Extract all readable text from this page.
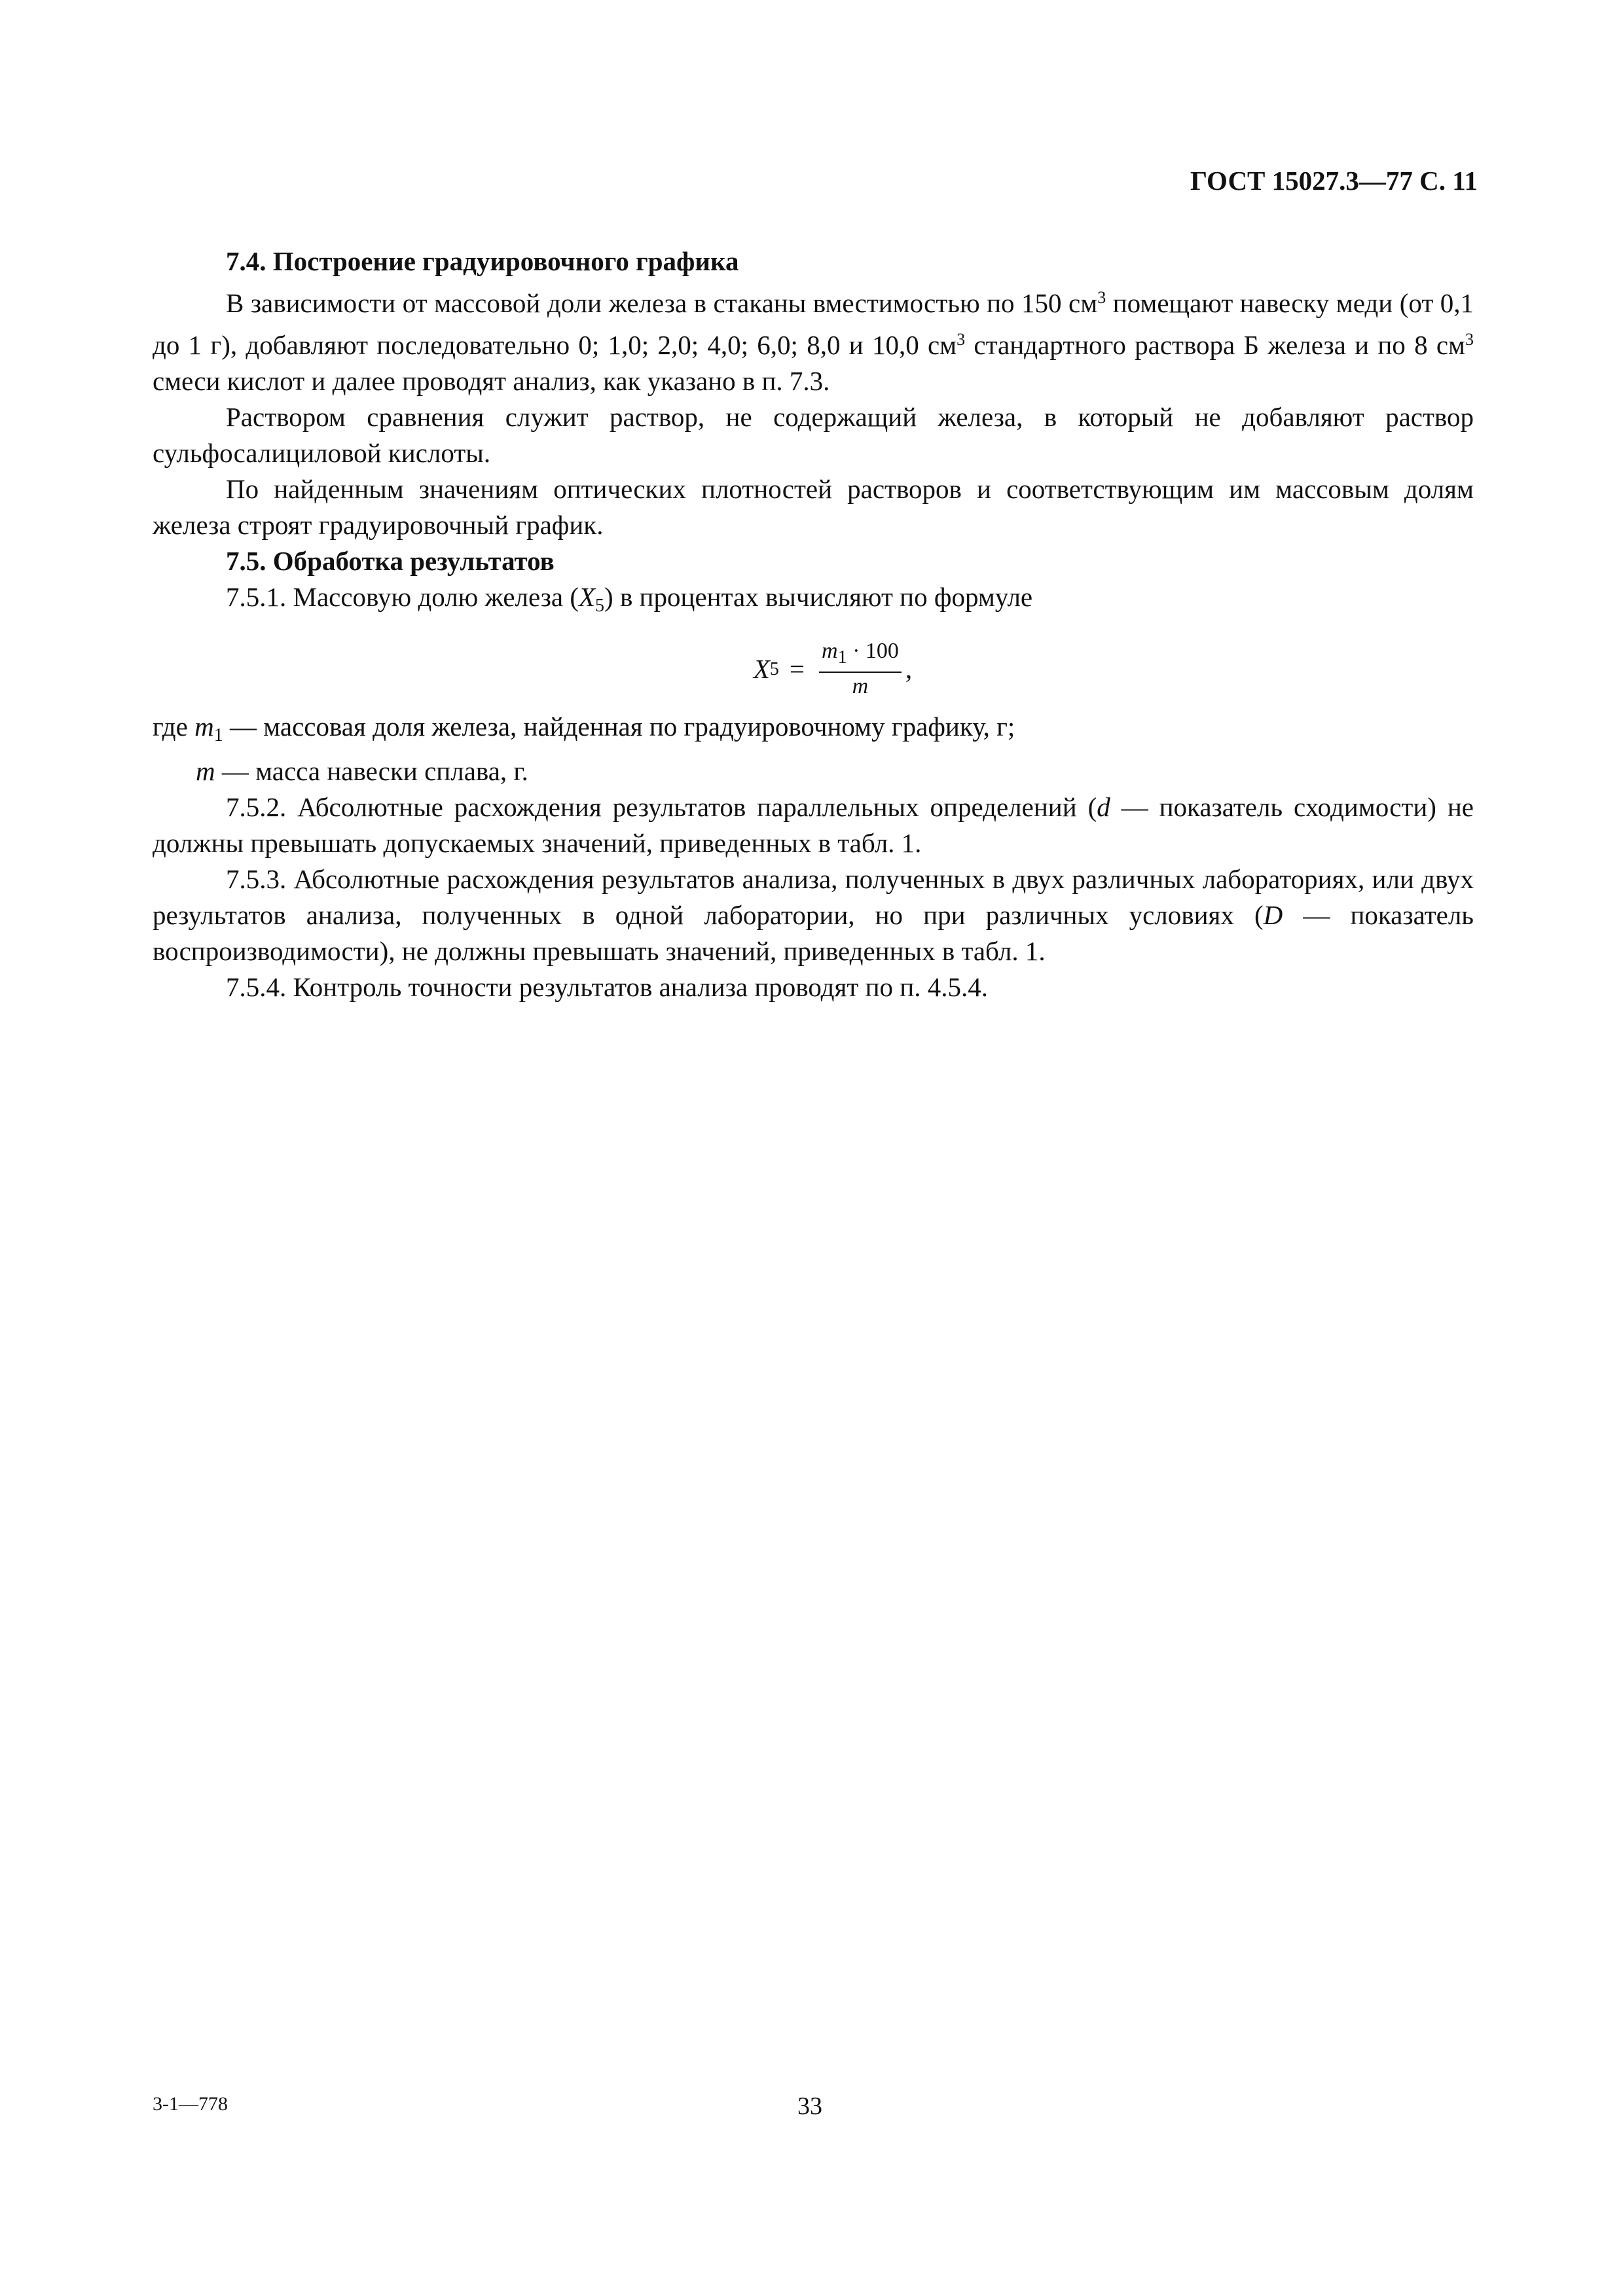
ГОСТ 15027.3—77 С. 11

7.4. Построение градуировочного графика

В зависимости от массовой доли железа в стаканы вместимостью по 150 $см^3$ помещают навеску меди (от 0,1 до 1 г), добавляют последовательно 0; 1,0; 2,0; 4,0; 6,0; 8,0 и 10,0 $см^3$ стандартного раствора Б железа и по 8 $см^3$ смеси кислот и далее проводят анализ, как указано в п. 7.3.

Раствором сравнения служит раствор, не содержащий железа, в который не добавляют раствор сульфосалициловой кислоты.

По найденным значениям оптических плотностей растворов и соответствующим им массовым долям железа строят градуировочный график.

7.5. Обработка результатов

7.5.1. Массовую долю железа $(X_5)$ в процентах вычисляют по формуле

X $5 = \frac{m_1 \cdot 100}{m}$ ,

где $m_1$ — массовая доля железа, найденная по градуировочному графику, г;

m — масса навески сплава, г.

7.5.2. Абсолютные расхождения результатов параллельных определений (d — показатель сходимости) не должны превышать допускаемых значений, приведенных в табл. 1.

7.5.3. Абсолютные расхождения результатов анализа, полученных в двух различных лабораториях, или двух результатов анализа, полученных в одной лаборатории, но при различных условиях (D — показатель воспроизводимости), не должны превышать значений, приведенных в табл. 1.

7.5.4. Контроль точности результатов анализа проводят по п. 4.5.4.

3-1—778	33
